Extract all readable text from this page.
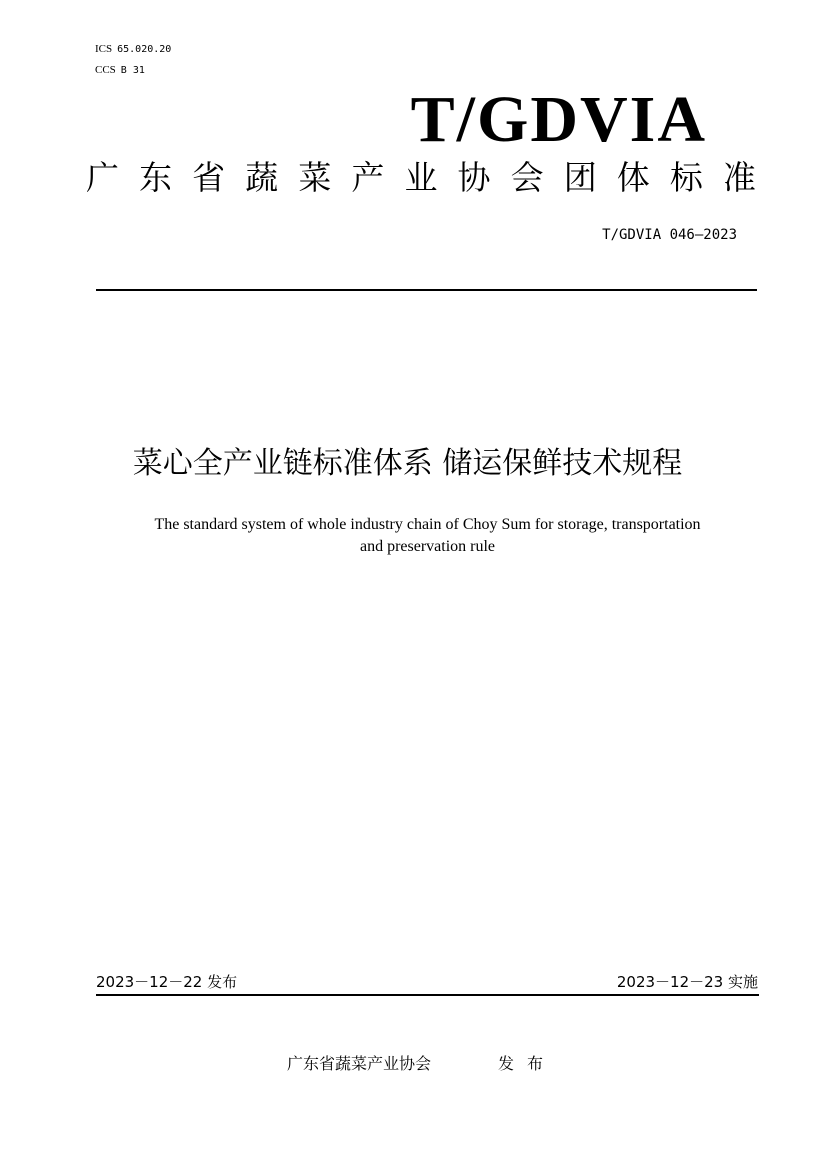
ICS 65.020.20
CCS B 31
T/GDVIA
广 东 省 蔬 菜 产 业 协 会 团 体 标 准
T/GDVIA 046—2023
菜心全产业链标准体系 储运保鲜技术规程
The standard system of whole industry chain of Choy Sum for storage, transportation
and preservation rule
2023－12－22 发布	2023－12－23 实施
广东省蔬菜产业协会	发布
